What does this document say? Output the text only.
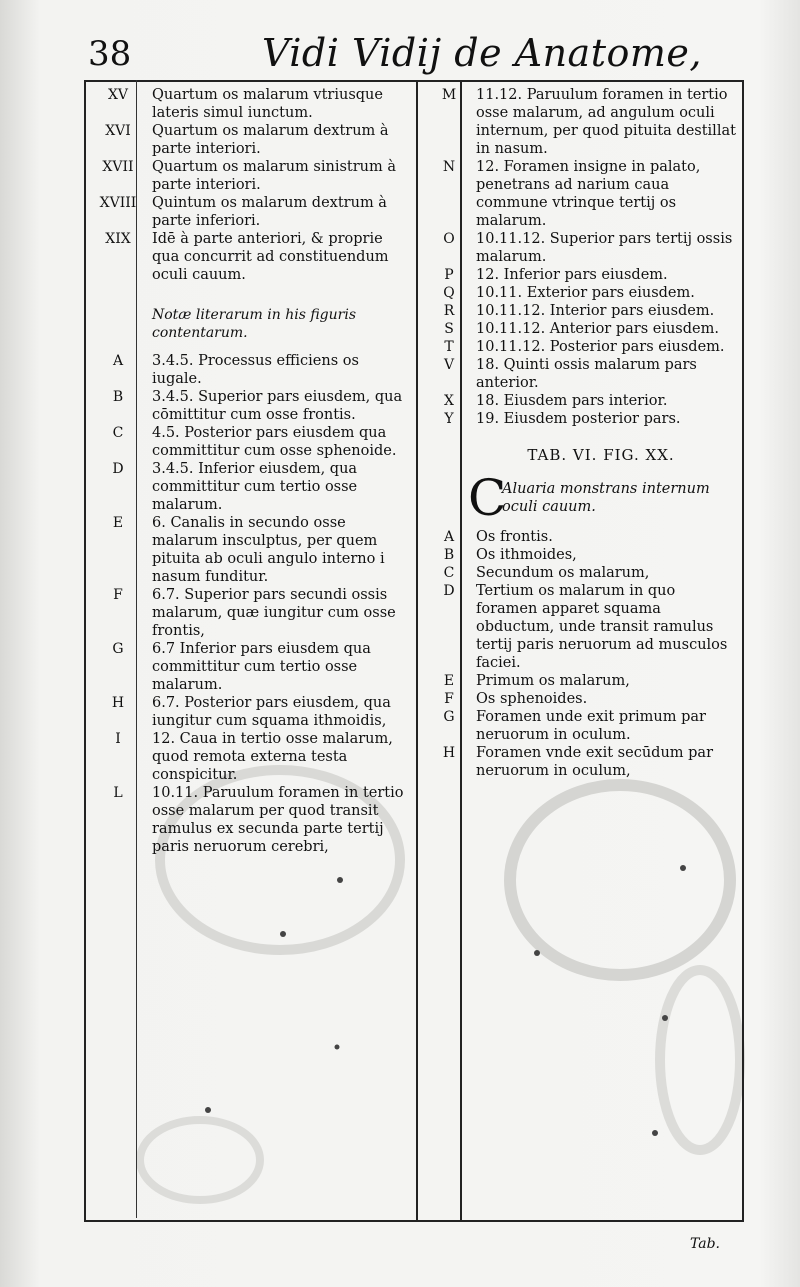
38	Vidi Vidij de Anatome,
XV	Quartum os malarum vtriusque lateris simul iunctum.
XVI	Quartum os malarum dextrum à parte interiori.
XVII	Quartum os malarum sinistrum à parte interiori.
XVIII	Quintum os malarum dextrum à parte inferiori.
XIX	Idē à parte anteriori, & proprie qua concurrit ad constituendum oculi cauum.
Notæ literarum in his figuris contentarum.
A	3.4.5. Processus efficiens os iugale.
B	3.4.5. Superior pars eiusdem, qua cōmittitur cum osse frontis.
C	4.5. Posterior pars eiusdem qua committitur cum osse sphenoide.
D	3.4.5. Inferior eiusdem, qua committitur cum tertio osse malarum.
E	6. Canalis in secundo osse malarum insculptus, per quem pituita ab oculi angulo interno i nasum funditur.
F	6.7. Superior pars secundi ossis malarum, quæ iungitur cum osse frontis,
G	6.7 Inferior pars eiusdem qua committitur cum tertio osse malarum.
H	6.7. Posterior pars eiusdem, qua iungitur cum squama ithmoidis,
I	12. Caua in tertio osse malarum, quod remota externa testa conspicitur.
L	10.11. Paruulum foramen in tertio osse malarum per quod transit ramulus ex secunda parte tertij paris neruorum cerebri,
M	11.12. Paruulum foramen in tertio osse malarum, ad angulum oculi internum, per quod pituita destillat in nasum.
N	12. Foramen insigne in palato, penetrans ad narium caua commune vtrinque tertij os malarum.
O	10.11.12. Superior pars tertij ossis malarum.
P	12. Inferior pars eiusdem.
Q	10.11. Exterior pars eiusdem.
R	10.11.12. Interior pars eiusdem.
S	10.11.12. Anterior pars eiusdem.
T	10.11.12. Posterior pars eiusdem.
V	18. Quinti ossis malarum pars anterior.
X	18. Eiusdem pars interior.
Y	19. Eiusdem posterior pars.
TAB. VI. FIG. XX.
C
Aluaria monstrans internum oculi cauum.
A	Os frontis.
B	Os ithmoides,
C	Secundum os malarum,
D	Tertium os malarum in quo foramen apparet squama obductum, unde transit ramulus tertij paris neruorum ad musculos faciei.
E	Primum os malarum,
F	Os sphenoides.
G	Foramen unde exit primum par neruorum in oculum.
H	Foramen vnde exit secūdum par neruorum in oculum,
Tab.
